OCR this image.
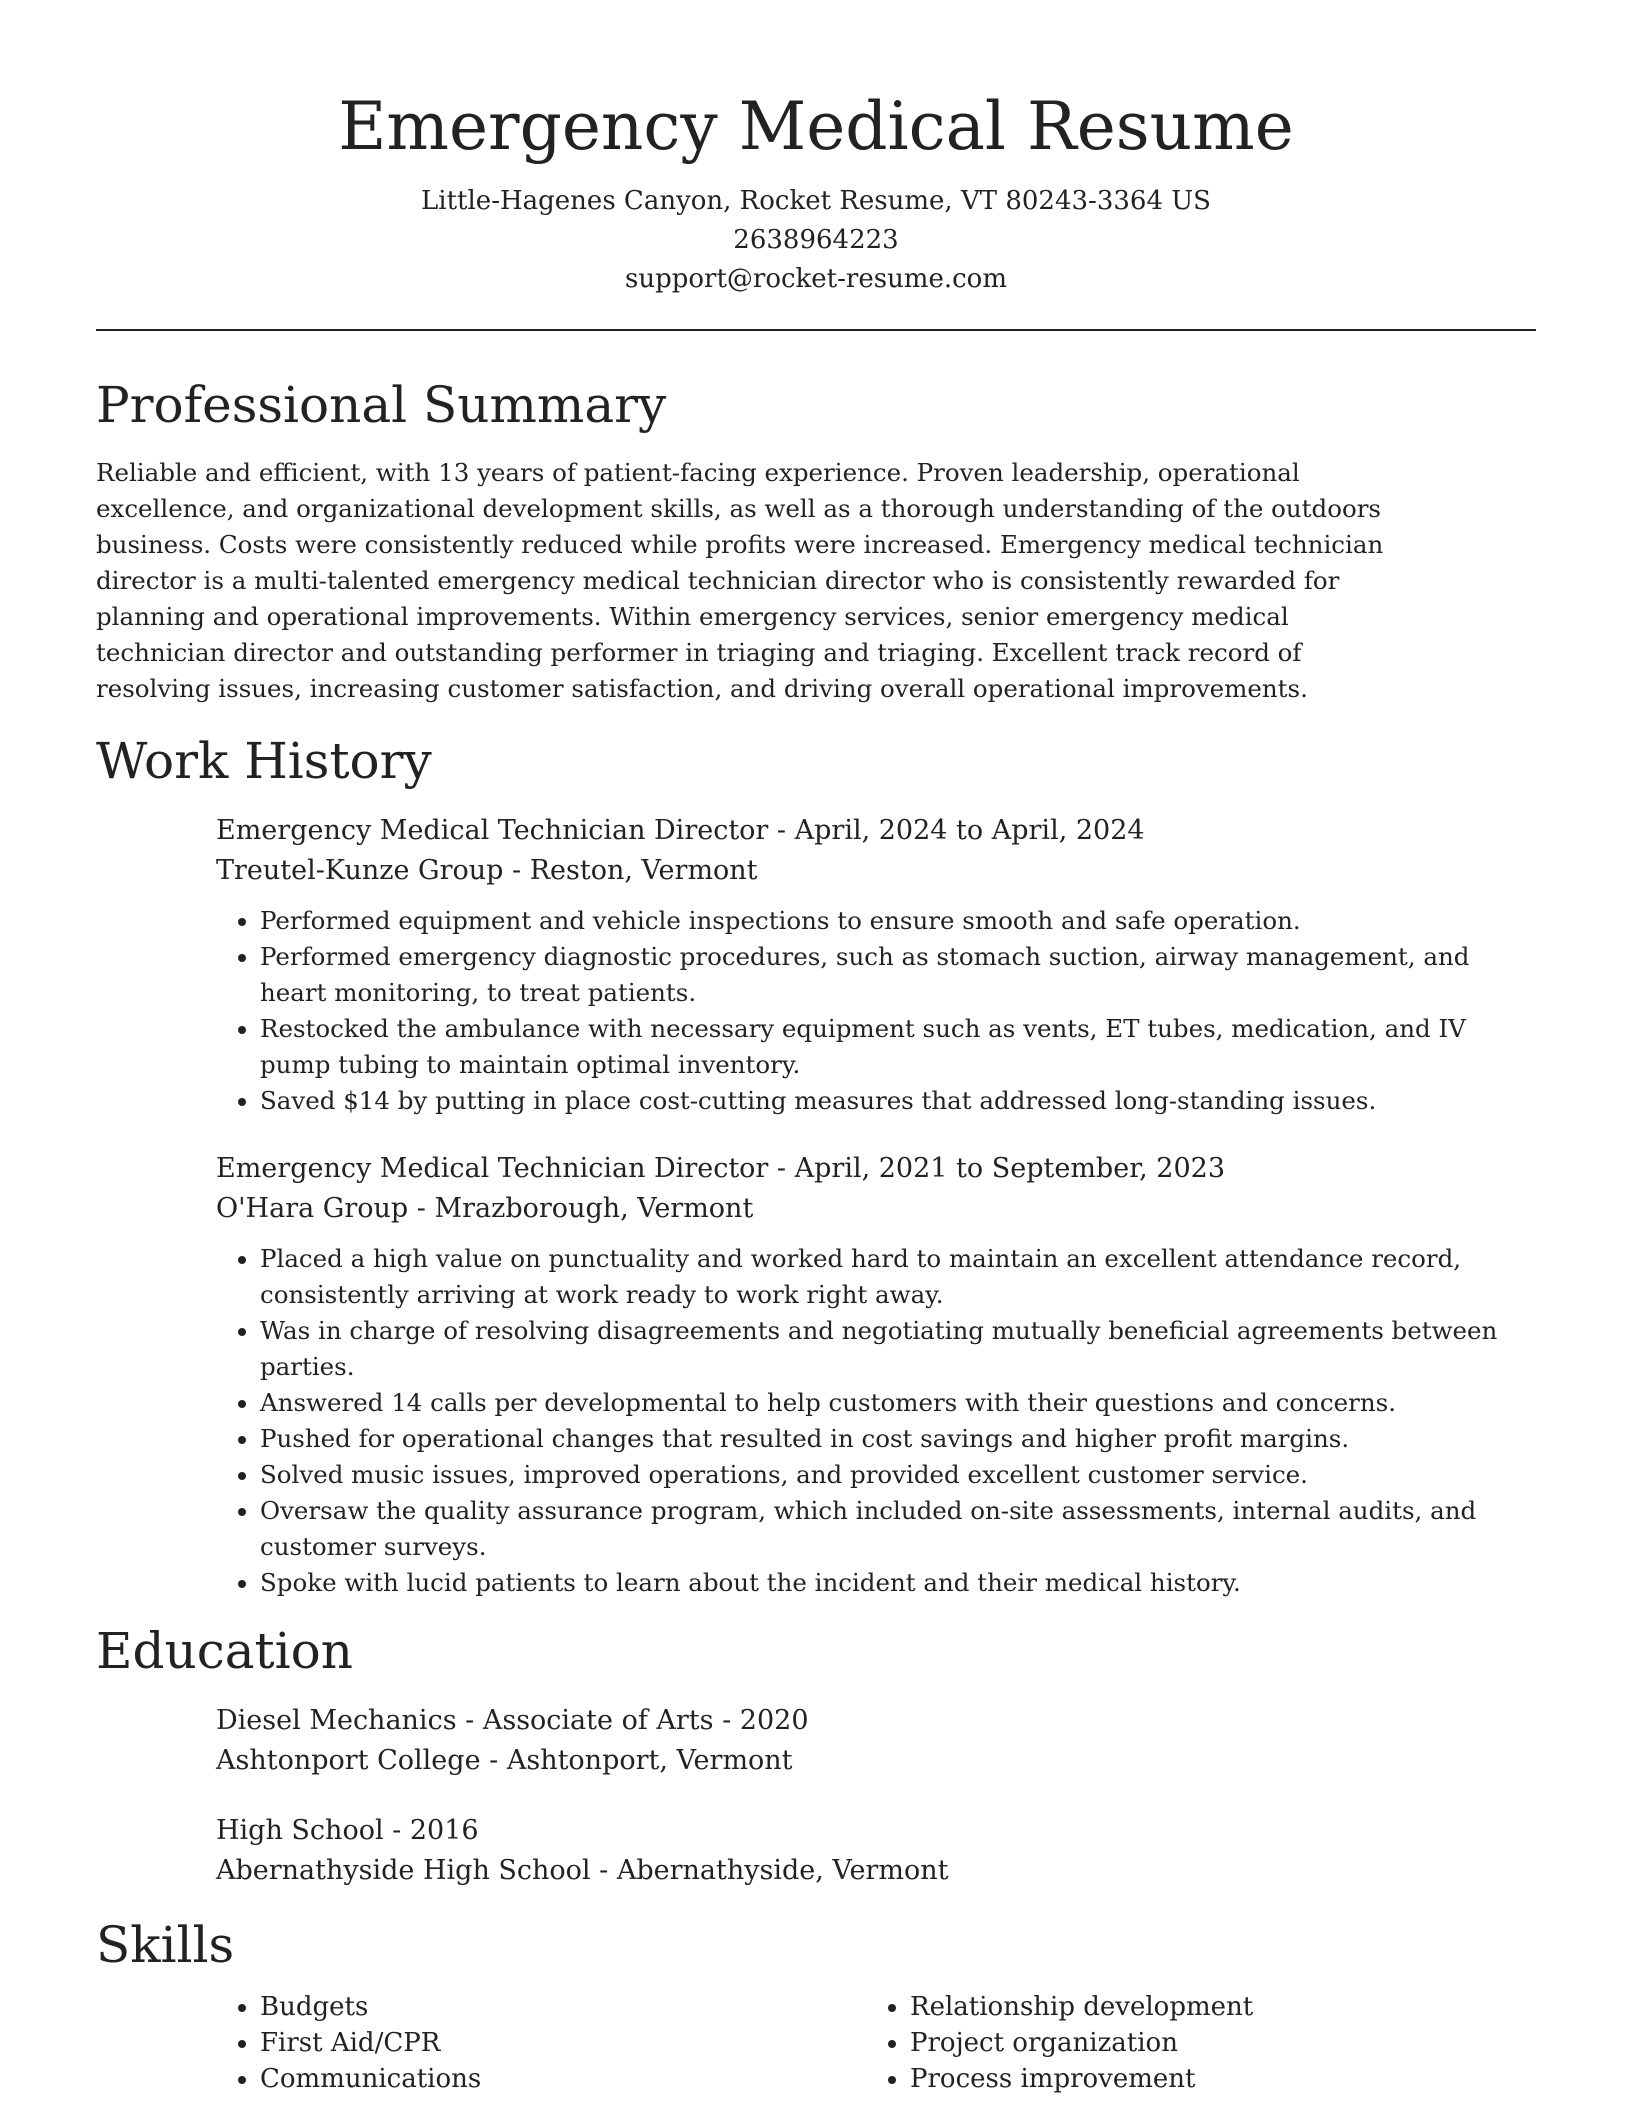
Emergency Medical Resume
Little-Hagenes Canyon, Rocket Resume, VT 80243-3364 US
2638964223
support@rocket-resume.com
Professional Summary

Reliable and efficient, with 13 years of patient-facing experience. Proven leadership, operational excellence, and organizational development skills, as well as a thorough understanding of the outdoors business. Costs were consistently reduced while profits were increased. Emergency medical technician director is a multi-talented emergency medical technician director who is consistently rewarded for planning and operational improvements. Within emergency services, senior emergency medical technician director and outstanding performer in triaging and triaging. Excellent track record of resolving issues, increasing customer satisfaction, and driving overall operational improvements.

Work History
Emergency Medical Technician Director - April, 2024 to April, 2024
Treutel-Kunze Group - Reston, Vermont
• Performed equipment and vehicle inspections to ensure smooth and safe operation.
• Performed emergency diagnostic procedures, such as stomach suction, airway management, and heart monitoring, to treat patients.
• Restocked the ambulance with necessary equipment such as vents, ET tubes, medication, and IV pump tubing to maintain optimal inventory.
• Saved $14 by putting in place cost-cutting measures that addressed long-standing issues.
Emergency Medical Technician Director - April, 2021 to September, 2023
O'Hara Group - Mrazborough, Vermont
• Placed a high value on punctuality and worked hard to maintain an excellent attendance record, consistently arriving at work ready to work right away.
• Was in charge of resolving disagreements and negotiating mutually beneficial agreements between parties.
• Answered 14 calls per developmental to help customers with their questions and concerns.
• Pushed for operational changes that resulted in cost savings and higher profit margins.
• Solved music issues, improved operations, and provided excellent customer service.
• Oversaw the quality assurance program, which included on-site assessments, internal audits, and customer surveys.
• Spoke with lucid patients to learn about the incident and their medical history.
Education
Diesel Mechanics - Associate of Arts - 2020
Ashtonport College - Ashtonport, Vermont
High School - 2016
Abernathyside High School - Abernathyside, Vermont
Skills
• Budgets
• First Aid/CPR
• Communications
• Relationship development
• Project organization
• Process improvement
